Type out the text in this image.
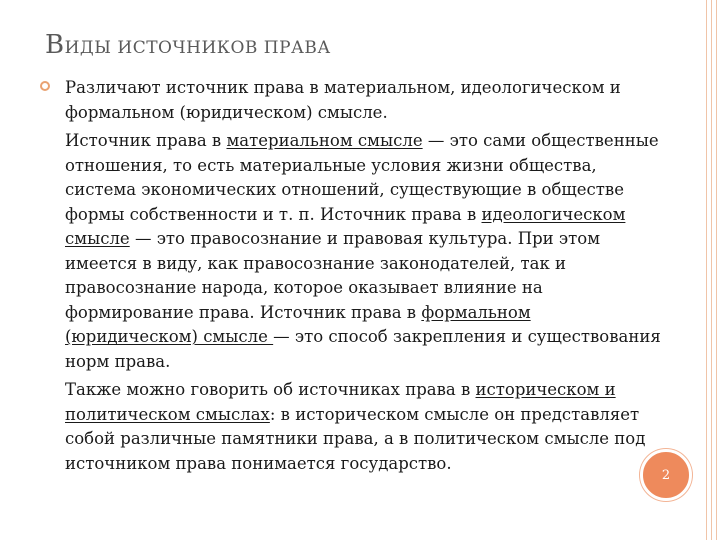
ВИДЫ ИСТОЧНИКОВ ПРАВА

Различают источник права в материальном, идеологическом и формальном (юридическом) смысле.

Источник права в материальном смысле — это сами общественные отношения, то есть материальные условия жизни общества, система экономических отношений, существующие в обществе формы собственности и т. п. Источник права в идеологическом смысле — это правосознание и правовая культура. При этом имеется в виду, как правосознание законодателей, так и правосознание народа, которое оказывает влияние на формирование права. Источник права в формальном (юридическом) смысле — это способ закрепления и существования норм права.

Также можно говорить об источниках права в историческом и политическом смыслах: в историческом смысле он представляет собой различные памятники права, а в политическом смысле под источником права понимается государство.

2
